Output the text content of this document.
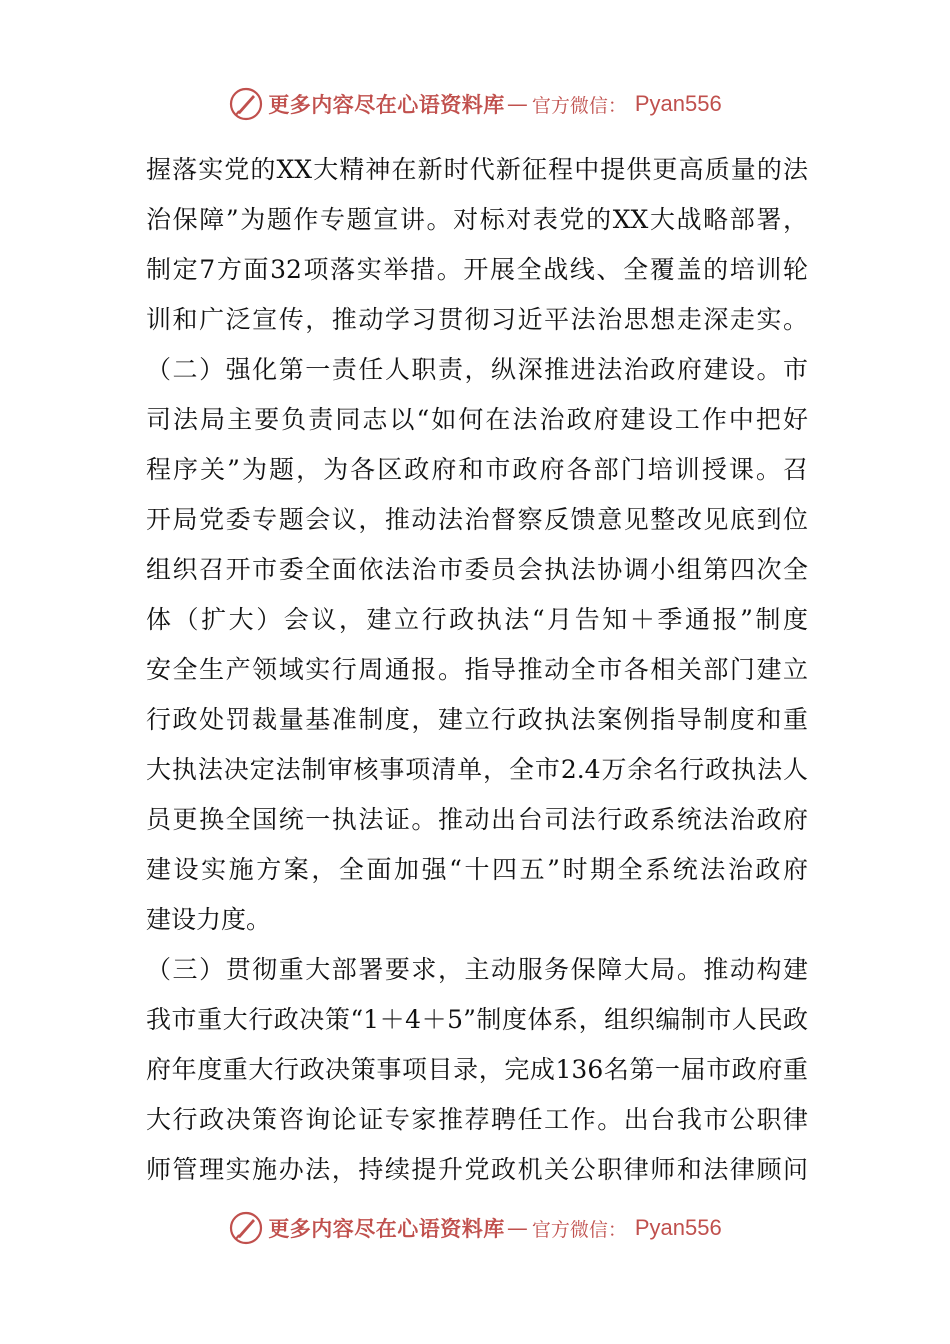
更多内容尽在心语资料库 — 官方微信： Pyan556
握落实党的XX大精神在新时代新征程中提供更高质量的法
治保障”为题作专题宣讲。对标对表党的XX大战略部署，
制定7方面32项落实举措。开展全战线、全覆盖的培训轮
训和广泛宣传，推动学习贯彻习近平法治思想走深走实。
（二）强化第一责任人职责，纵深推进法治政府建设。市
司法局主要负责同志以“如何在法治政府建设工作中把好
程序关”为题，为各区政府和市政府各部门培训授课。召
开局党委专题会议，推动法治督察反馈意见整改见底到位
组织召开市委全面依法治市委员会执法协调小组第四次全
体（扩大）会议，建立行政执法“月告知＋季通报”制度
安全生产领域实行周通报。指导推动全市各相关部门建立
行政处罚裁量基准制度，建立行政执法案例指导制度和重
大执法决定法制审核事项清单，全市2.4万余名行政执法人
员更换全国统一执法证。推动出台司法行政系统法治政府
建设实施方案，全面加强“十四五”时期全系统法治政府
建设力度。
（三）贯彻重大部署要求，主动服务保障大局。推动构建
我市重大行政决策“1＋4＋5”制度体系，组织编制市人民政
府年度重大行政决策事项目录，完成136名第一届市政府重
大行政决策咨询论证专家推荐聘任工作。出台我市公职律
师管理实施办法，持续提升党政机关公职律师和法律顾问
更多内容尽在心语资料库 — 官方微信： Pyan556
